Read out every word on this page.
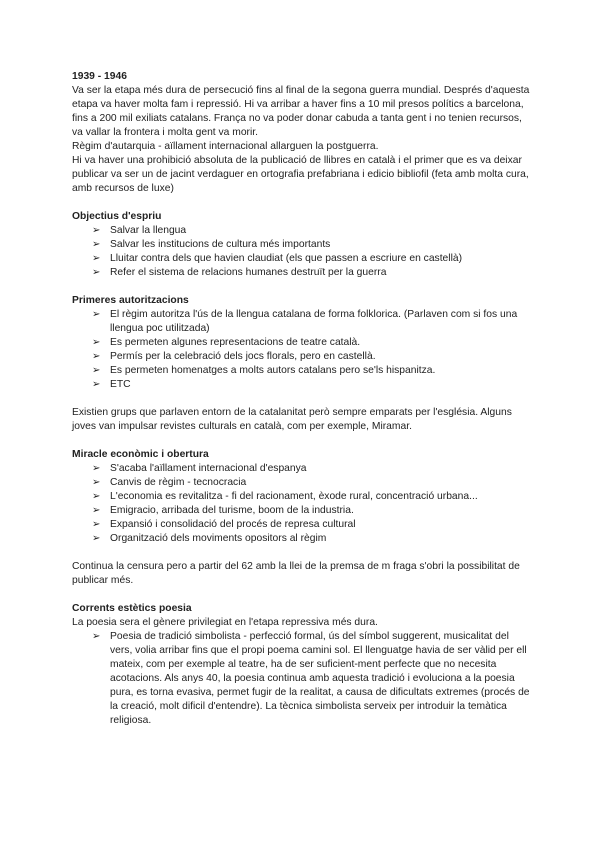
1939 - 1946

Va ser la etapa més dura de persecució fins al final de la segona guerra mundial. Després d'aquesta etapa va haver molta fam i repressió. Hi va arribar a haver fins a 10 mil presos polítics a barcelona, fins a 200 mil exiliats catalans. França no va poder donar cabuda a tanta gent i no tenien recursos, va vallar la frontera i molta gent va morir.

Règim d'autarquia - aïllament internacional allarguen la postguerra.

Hi va haver una prohibició absoluta de la publicació de llibres en català i el primer que es va deixar publicar va ser un de jacint verdaguer en ortografia prefabriana i edicio bibliofil (feta amb molta cura, amb recursos de luxe)

Objectius d'espriu

➢ Salvar la llengua
➢ Salvar les institucions de cultura més importants
➢ Lluitar contra dels que havien claudiat (els que passen a escriure en castellà)
➢ Refer el sistema de relacions humanes destruït per la guerra

Primeres autoritzacions

➢ El règim autoritza l'ús de la llengua catalana de forma folklorica. (Parlaven com si fos una llengua poc utilitzada)
➢ Es permeten algunes representacions de teatre català.
➢ Permís per la celebració dels jocs florals, pero en castellà.
➢ Es permeten homenatges a molts autors catalans pero se'ls hispanitza.
➢ ETC

Existien grups que parlaven entorn de la catalanitat però sempre emparats per l'església. Alguns joves van impulsar revistes culturals en català, com per exemple, Miramar.

Miracle econòmic i obertura

➢ S'acaba l'aïllament internacional d'espanya
➢ Canvis de règim - tecnocracia
➢ L'economia es revitalitza - fi del racionament, èxode rural, concentració urbana...
➢ Emigracio, arribada del turisme, boom de la industria.
➢ Expansió i consolidació del procés de represa cultural
➢ Organització dels moviments opositors al règim

Continua la censura pero a partir del 62 amb la llei de la premsa de m fraga s'obri la possibilitat de publicar més.

Corrents estètics poesia

La poesia sera el gènere privilegiat en l'etapa repressiva més dura.

➢ Poesia de tradició simbolista - perfecció formal, ús del símbol suggerent, musicalitat del vers, volia arribar fins que el propi poema camini sol. El llenguatge havia de ser vàlid per ell mateix, com per exemple al teatre, ha de ser suficient-ment perfecte que no necesita acotacions. Als anys 40, la poesia continua amb aquesta tradició i evoluciona a la poesia pura, es torna evasiva, permet fugir de la realitat, a causa de dificultats extremes (procés de la creació, molt dificil d'entendre). La tècnica simbolista serveix per introduir la temàtica religiosa.
